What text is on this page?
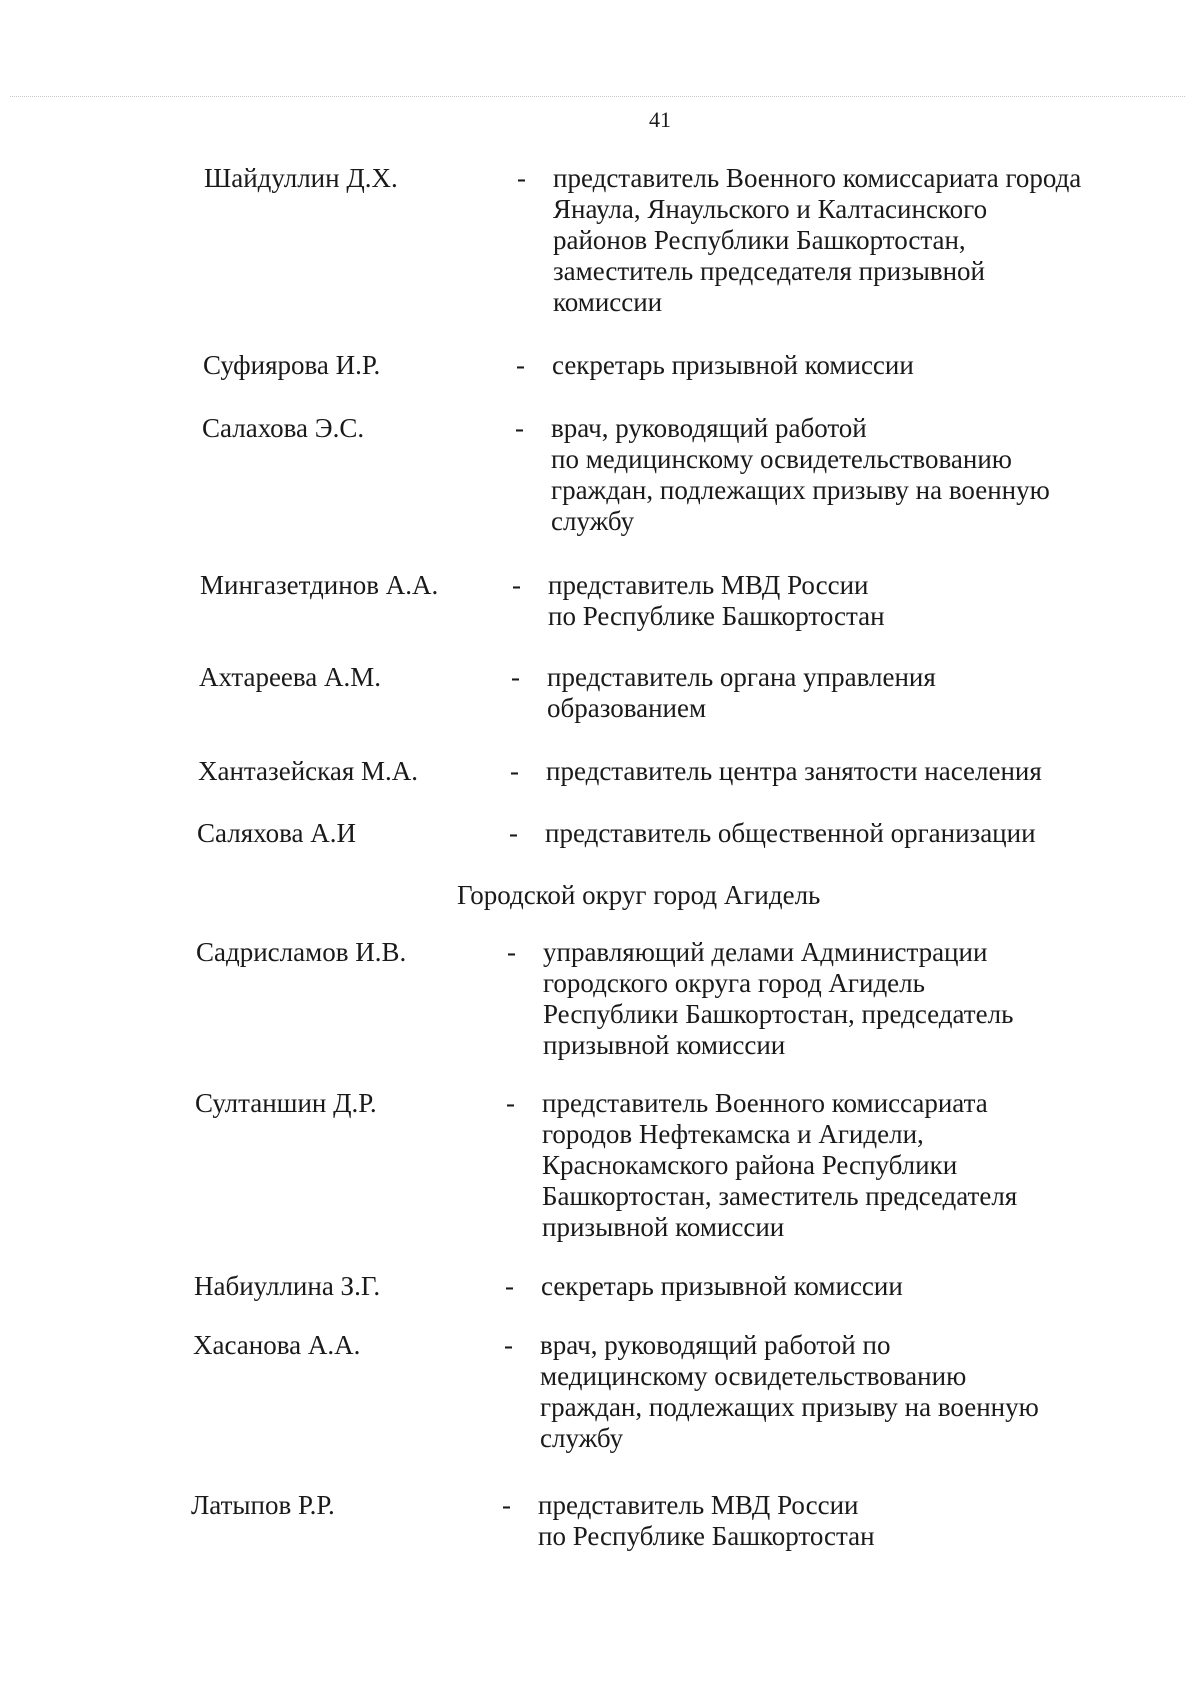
41
Шайдуллин Д.Х.	- представитель Военного комиссариата города
Янаула, Янаульского и Калтасинского
районов Республики Башкортостан,
заместитель председателя призывной
комиссии
Суфиярова И.Р.	- секретарь призывной комиссии
Салахова Э.С.	- врач, руководящий работой
по медицинскому освидетельствованию
граждан, подлежащих призыву на военную
службу
Мингазетдинов А.А.	- представитель МВД России
по Республике Башкортостан
Ахтареева А.М.	- представитель органа управления
образованием
Хантазейская М.А.	- представитель центра занятости населения
Саляхова А.И	- представитель общественной организации
Городской округ город Агидель
Садрисламов И.В.	- управляющий делами Администрации
городского округа город Агидель
Республики Башкортостан, председатель
призывной комиссии
Султаншин Д.Р.	- представитель Военного комиссариата
городов Нефтекамска и Агидели,
Краснокамского района Республики
Башкортостан, заместитель председателя
призывной комиссии
Набиуллина З.Г.	- секретарь призывной комиссии
Хасанова А.А.	- врач, руководящий работой по
медицинскому освидетельствованию
граждан, подлежащих призыву на военную
службу
Латыпов Р.Р.	- представитель МВД России
по Республике Башкортостан
